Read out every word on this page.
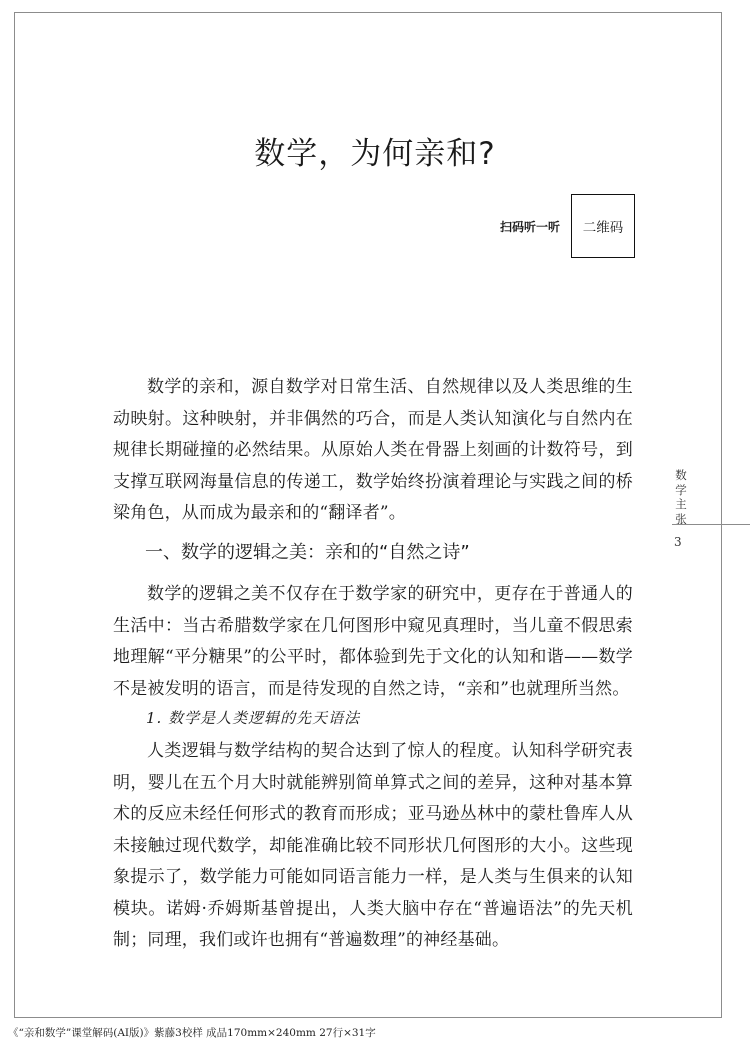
数学，为何亲和?
扫码听一听 二维码

数学的亲和，源自数学对日常生活、自然规律以及人类思维的生动映射。这种映射，并非偶然的巧合，而是人类认知演化与自然内在规律长期碰撞的必然结果。从原始人类在骨器上刻画的计数符号，到支撑互联网海量信息的传递工，数学始终扮演着理论与实践之间的桥梁角色，从而成为最亲和的“翻译者”。

一、数学的逻辑之美：亲和的“自然之诗”

数学的逻辑之美不仅存在于数学家的研究中，更存在于普通人的生活中：当古希腊数学家在几何图形中窥见真理时，当儿童不假思索地理解“平分糖果”的公平时，都体验到先于文化的认知和谐——数学不是被发明的语言，而是待发现的自然之诗，“亲和”也就理所当然。

1. 数学是人类逻辑的先天语法

人类逻辑与数学结构的契合达到了惊人的程度。认知科学研究表明，婴儿在五个月大时就能辨别简单算式之间的差异，这种对基本算术的反应未经任何形式的教育而形成；亚马逊丛林中的蒙杜鲁库人从未接触过现代数学，却能准确比较不同形状几何图形的大小。这些现象提示了，数学能力可能如同语言能力一样，是人类与生俱来的认知模块。诺姆·乔姆斯基曾提出，人类大脑中存在“普遍语法”的先天机制；同理，我们或许也拥有“普遍数理”的神经基础。

数学主张
3
《“亲和数学”课堂解码(AI版)》紫藤3校样 成品170mm×240mm 27行×31字
